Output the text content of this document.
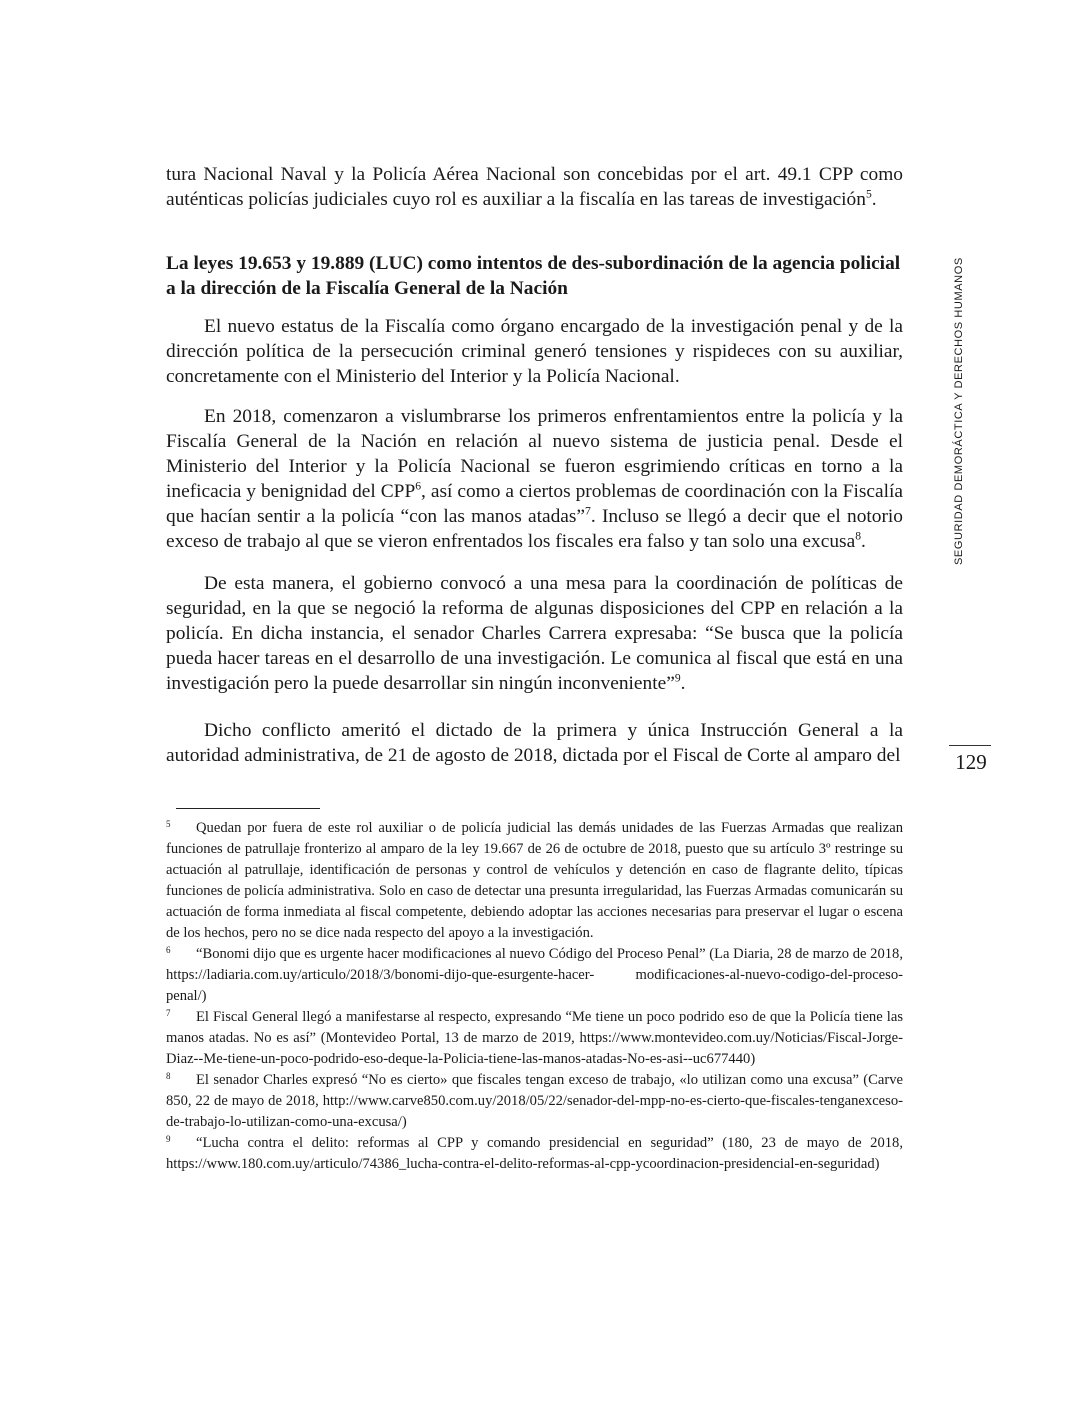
tura Nacional Naval y la Policía Aérea Nacional son concebidas por el art. 49.1 CPP como auténticas policías judiciales cuyo rol es auxiliar a la fiscalía en las tareas de investigación$^5$.

La leyes 19.653 y 19.889 (LUC) como intentos de des-subordinación de la agencia policial a la dirección de la Fiscalía General de la Nación

El nuevo estatus de la Fiscalía como órgano encargado de la investigación penal y de la dirección política de la persecución criminal generó tensiones y rispideces con su auxiliar, concretamente con el Ministerio del Interior y la Policía Nacional.

En 2018, comenzaron a vislumbrarse los primeros enfrentamientos entre la policía y la Fiscalía General de la Nación en relación al nuevo sistema de justicia penal. Desde el Ministerio del Interior y la Policía Nacional se fueron esgrimiendo críticas en torno a la ineficacia y benignidad del CPP$^6$, así como a ciertos problemas de coordinación con la Fiscalía que hacían sentir a la policía “con las manos atadas”$^7$. Incluso se llegó a decir que el notorio exceso de trabajo al que se vieron enfrentados los fiscales era falso y tan solo una excusa$^8$.

De esta manera, el gobierno convocó a una mesa para la coordinación de políticas de seguridad, en la que se negoció la reforma de algunas disposiciones del CPP en relación a la policía. En dicha instancia, el senador Charles Carrera expresaba: “Se busca que la policía pueda hacer tareas en el desarrollo de una investigación. Le comunica al fiscal que está en una investigación pero la puede desarrollar sin ningún inconveniente”$^9$.

Dicho conflicto ameritó el dictado de la primera y única Instrucción General a la autoridad administrativa, de 21 de agosto de 2018, dictada por el Fiscal de Corte al amparo del

SEGURIDAD DEMORÁCTICA Y DERECHOS HUMANOS
129

5 Quedan por fuera de este rol auxiliar o de policía judicial las demás unidades de las Fuerzas Armadas que realizan funciones de patrullaje fronterizo al amparo de la ley 19.667 de 26 de octubre de 2018, puesto que su artículo 3º restringe su actuación al patrullaje, identificación de personas y control de vehículos y detención en caso de flagrante delito, típicas funciones de policía administrativa. Solo en caso de detectar una presunta irregularidad, las Fuerzas Armadas comunicarán su actuación de forma inmediata al fiscal competente, debiendo adoptar las acciones necesarias para preservar el lugar o escena de los hechos, pero no se dice nada respecto del apoyo a la investigación.

6 “Bonomi dijo que es urgente hacer modificaciones al nuevo Código del Proceso Penal” (La Diaria, 28 de marzo de 2018, https://ladiaria.com.uy/articulo/2018/3/bonomi-dijo-que-esurgente-hacer- modificaciones-al-nuevo-codigo-del-proceso-penal/)

7 El Fiscal General llegó a manifestarse al respecto, expresando “Me tiene un poco podrido eso de que la Policía tiene las manos atadas. No es así” (Montevideo Portal, 13 de marzo de 2019, https://www.montevideo.com.uy/Noticias/Fiscal-Jorge-Diaz--Me-tiene-un-poco-podrido-eso-deque-la-Policia-tiene-las-manos-atadas-No-es-asi--uc677440)

8 El senador Charles expresó “No es cierto» que fiscales tengan exceso de trabajo, «lo utilizan como una excusa” (Carve 850, 22 de mayo de 2018, http://www.carve850.com.uy/2018/05/22/senador-del-mpp-no-es-cierto-que-fiscales-tenganexceso-de-trabajo-lo-utilizan-como-una-excusa/)

9 “Lucha contra el delito: reformas al CPP y comando presidencial en seguridad” (180, 23 de mayo de 2018, https://www.180.com.uy/articulo/74386_lucha-contra-el-delito-reformas-al-cpp-ycoordinacion-presidencial-en-seguridad)
